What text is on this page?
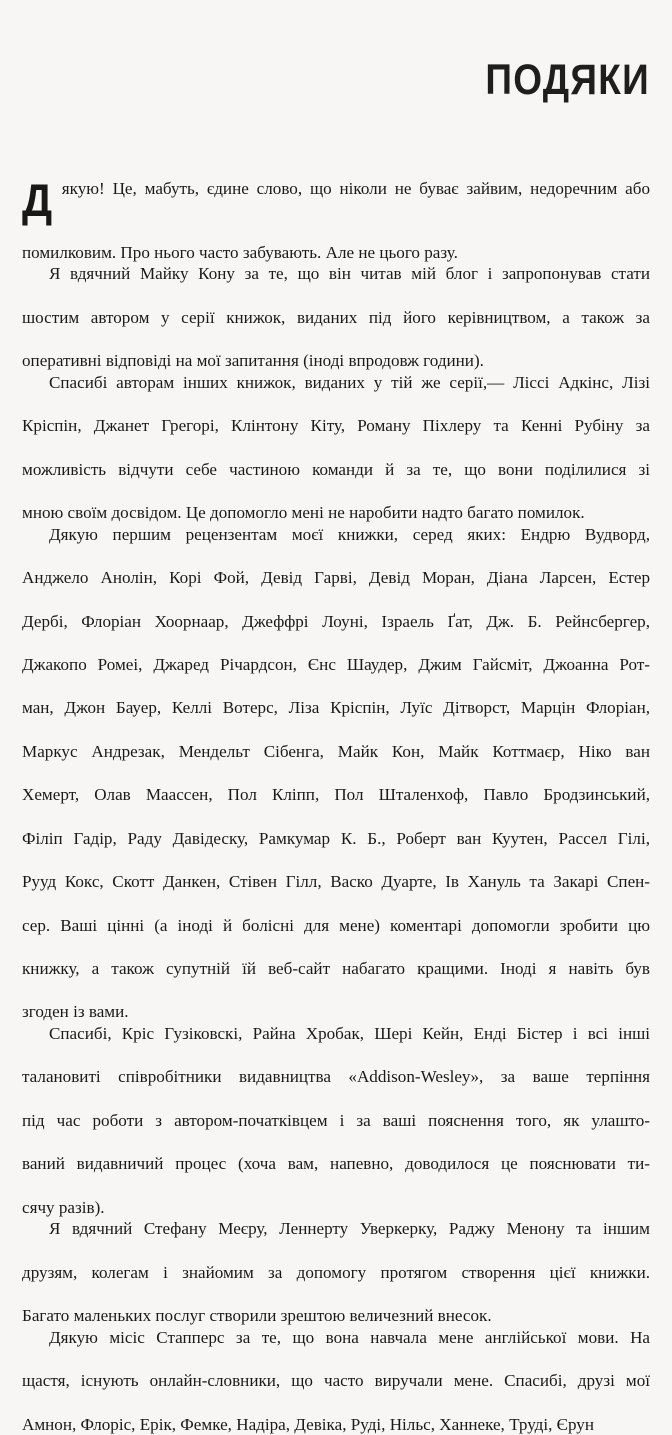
ПОДЯКИ

Д якую! Це, мабуть, єдине слово, що ніколи не буває зайвим, недоречним або
помилковим. Про нього часто забувають. Але не цього разу.

Я вдячний Майку Кону за те, що він читав мій блог і запропонував стати
шостим автором у серії книжок, виданих під його керівництвом, а також за
оперативні відповіді на мої запитання (іноді впродовж години).

Спасибі авторам інших книжок, виданих у тій же серії,— Ліссі Адкінс, Лізі
Кріспін, Джанет Грегорі, Клінтону Кіту, Роману Піхлеру та Кенні Рубіну за
можливість відчути себе частиною команди й за те, що вони поділилися зі
мною своїм досвідом. Це допомогло мені не наробити надто багато помилок.

Дякую першим рецензентам моєї книжки, серед яких: Ендрю Вудворд,
Анджело Анолін, Корі Фой, Девід Гарві, Девід Моран, Діана Ларсен, Естер
Дербі, Флоріан Хоорнаар, Джеффрі Лоуні, Ізраель Ґат, Дж. Б. Рейнсбергер,
Джакопо Ромеі, Джаред Річардсон, Єнс Шаудер, Джим Гайсміт, Джоанна Рот-
ман, Джон Бауер, Келлі Вотерс, Ліза Кріспін, Луїс Дітворст, Марцін Флоріан,
Маркус Андрезак, Мендельт Сібенга, Майк Кон, Майк Коттмаєр, Ніко ван
Хемерт, Олав Маассен, Пол Кліпп, Пол Шталенхоф, Павло Бродзинський,
Філіп Гадір, Раду Давідеску, Рамкумар К. Б., Роберт ван Куутен, Рассел Гілі,
Рууд Кокс, Скотт Данкен, Стівен Гілл, Васко Дуарте, Ів Хануль та Закарі Спен-
сер. Ваші цінні (а іноді й болісні для мене) коментарі допомогли зробити цю
книжку, а також супутній їй веб-сайт набагато кращими. Іноді я навіть був
згоден із вами.

Спасибі, Кріс Гузіковскі, Райна Хробак, Шері Кейн, Енді Бістер і всі інші
талановиті співробітники видавництва «Addison-Wesley», за ваше терпіння
під час роботи з автором-початківцем і за ваші пояснення того, як улашто-
ваний видавничий процес (хоча вам, напевно, доводилося це пояснювати ти-
сячу разів).

Я вдячний Стефану Меєру, Леннерту Уверкерку, Раджу Менону та іншим
друзям, колегам і знайомим за допомогу протягом створення цієї книжки.
Багато маленьких послуг створили зрештою величезний внесок.

Дякую місіс Стапперс за те, що вона навчала мене англійської мови. На
щастя, існують онлайн-словники, що часто виручали мене. Спасибі, друзі мої
Амнон, Флоріс, Ерік, Фемке, Надіра, Девіка, Руді, Нільс, Ханнеке, Труді, Єрун
